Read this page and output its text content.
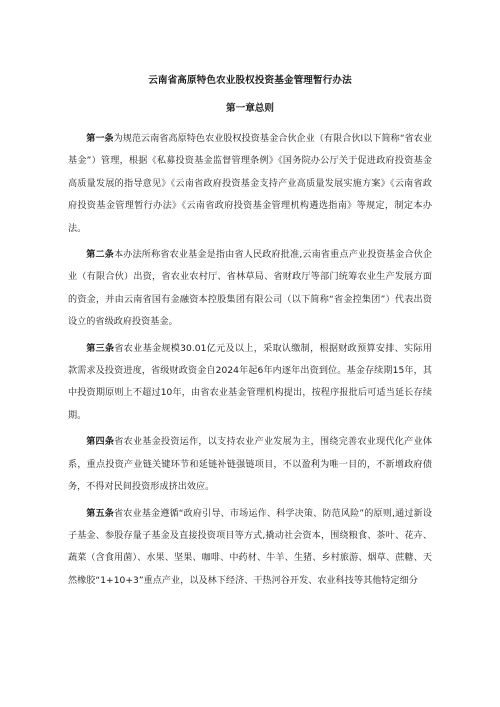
云南省高原特色农业股权投资基金管理暂行办法
第一章总则

第一条为规范云南省高原特色农业股权投资基金合伙企业（有限合伙Ⅰ以下简称“省农业基金”）管理，根据《私募投资基金监督管理条例》《国务院办公厅关于促进政府投资基金高质量发展的指导意见》《云南省政府投资基金支持产业高质量发展实施方案》《云南省政府投资基金管理暂行办法》《云南省政府投资基金管理机构遴选指南》等规定，制定本办法。

第二条本办法所称省农业基金是指由省人民政府批准,云南省重点产业投资基金合伙企业（有限合伙）出资，省农业农村厅、省林草局、省财政厅等部门统筹农业生产发展方面的资金，并由云南省国有金融资本控股集团有限公司（以下简称“省金控集团”）代表出资设立的省级政府投资基金。

第三条省农业基金规模30.01亿元及以上，采取认缴制，根据财政预算安排、实际用款需求及投资进度，省级财政资金自2024年起6年内逐年出资到位。基金存续期15年，其中投资期原则上不超过10年，由省农业基金管理机构提出，按程序报批后可适当延长存续期。

第四条省农业基金投资运作，以支持农业产业发展为主，围绕完善农业现代化产业体系，重点投资产业链关键环节和延链补链强链项目，不以盈利为唯一目的，不新增政府债务，不得对民间投资形成挤出效应。

第五条省农业基金遵循“政府引导、市场运作、科学决策、防范风险”的原则,通过新设子基金、参股存量子基金及直接投资项目等方式,撬动社会资本，围绕粮食、茶叶、花卉、蔬菜（含食用菌）、水果、坚果、咖啡、中药材、牛羊、生猪、乡村旅游、烟草、蔗糖、天然橡胶“1+10+3”重点产业，以及林下经济、干热河谷开发、农业科技等其他特定细分
